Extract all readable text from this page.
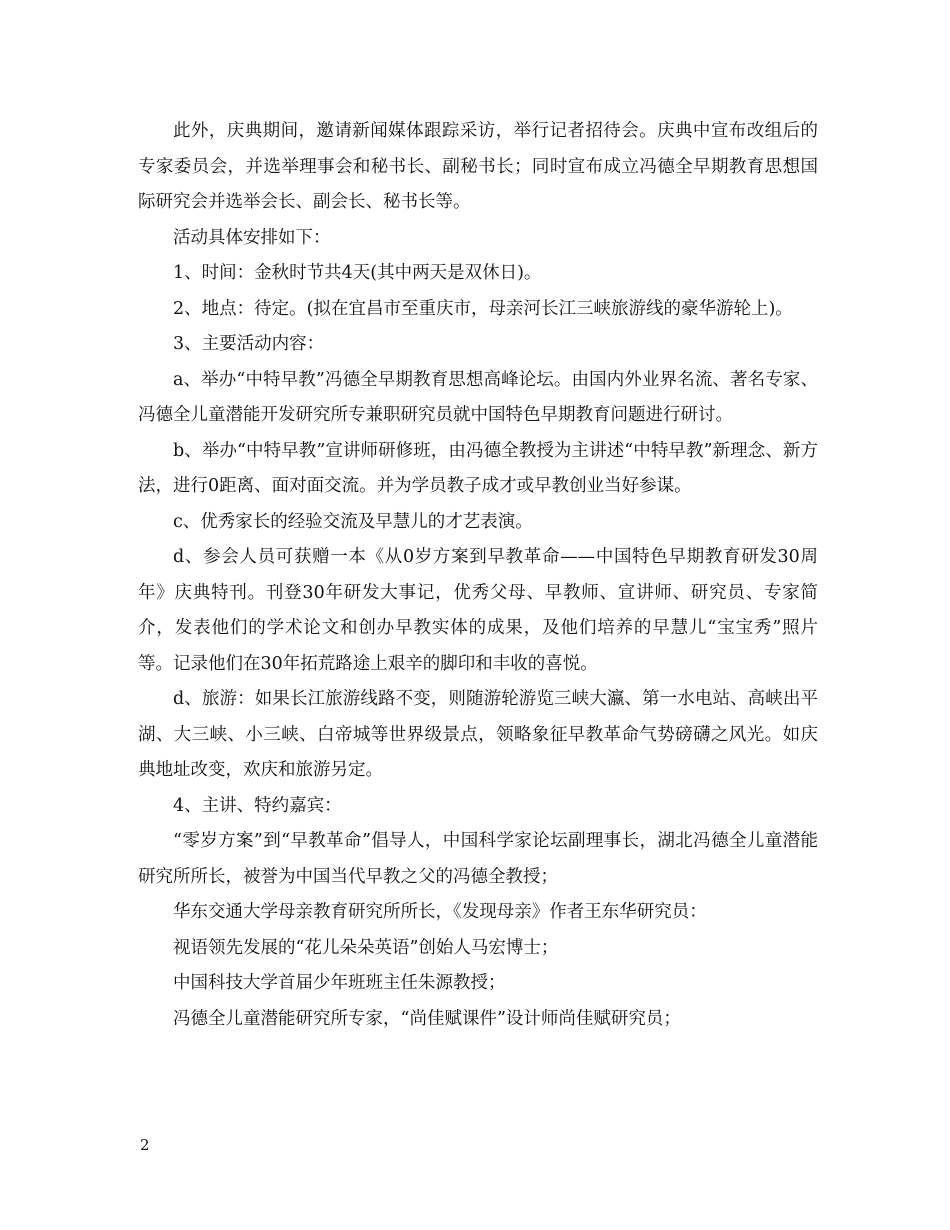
此外，庆典期间，邀请新闻媒体跟踪采访，举行记者招待会。庆典中宣布改组后的专家委员会，并选举理事会和秘书长、副秘书长；同时宣布成立冯德全早期教育思想国际研究会并选举会长、副会长、秘书长等。

活动具体安排如下：

1、时间：金秋时节共4天(其中两天是双休日)。

2、地点：待定。(拟在宜昌市至重庆市，母亲河长江三峡旅游线的豪华游轮上)。

3、主要活动内容：

a、举办“中特早教”冯德全早期教育思想高峰论坛。由国内外业界名流、著名专家、冯德全儿童潜能开发研究所专兼职研究员就中国特色早期教育问题进行研讨。

b、举办“中特早教”宣讲师研修班，由冯德全教授为主讲述“中特早教”新理念、新方法，进行0距离、面对面交流。并为学员教子成才或早教创业当好参谋。

c、优秀家长的经验交流及早慧儿的才艺表演。

d、参会人员可获赠一本《从0岁方案到早教革命——中国特色早期教育研发30周年》庆典特刊。刊登30年研发大事记，优秀父母、早教师、宣讲师、研究员、专家简介，发表他们的学术论文和创办早教实体的成果，及他们培养的早慧儿“宝宝秀”照片等。记录他们在30年拓荒路途上艰辛的脚印和丰收的喜悦。

d、旅游：如果长江旅游线路不变，则随游轮游览三峡大瀛、第一水电站、高峡出平湖、大三峡、小三峡、白帝城等世界级景点，领略象征早教革命气势磅礴之风光。如庆典地址改变，欢庆和旅游另定。

4、主讲、特约嘉宾：

“零岁方案”到“早教革命”倡导人，中国科学家论坛副理事长，湖北冯德全儿童潜能研究所所长，被誉为中国当代早教之父的冯德全教授；

华东交通大学母亲教育研究所所长，《发现母亲》作者王东华研究员：

视语领先发展的“花儿朵朵英语”创始人马宏博士；

中国科技大学首届少年班班主任朱源教授；

冯德全儿童潜能研究所专家，“尚佳赋课件”设计师尚佳赋研究员；

2
